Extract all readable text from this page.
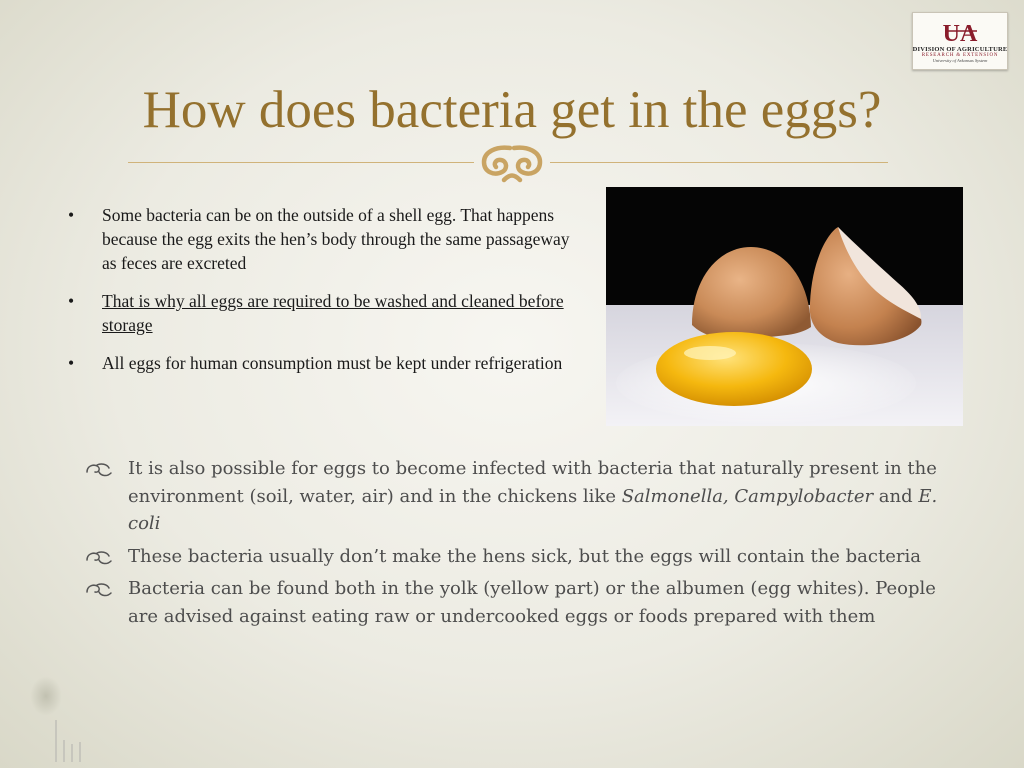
UA
DIVISION OF AGRICULTURE
RESEARCH & EXTENSION
University of Arkansas System
How does bacteria get in the eggs?
• Some bacteria can be on the outside of a shell egg. That happens because the egg exits the hen’s body through the same passageway as feces are excreted
• That is why all eggs are required to be washed and cleaned before storage
• All eggs for human consumption must be kept under refrigeration
It is also possible for eggs to become infected with bacteria that naturally present in the environment (soil, water, air) and in the chickens like Salmonella, Campylobacter and E. coli
These bacteria usually don’t make the hens sick, but the eggs will contain the bacteria
Bacteria can be found both in the yolk (yellow part) or the albumen (egg whites). People are advised against eating raw or undercooked eggs or foods prepared with them
